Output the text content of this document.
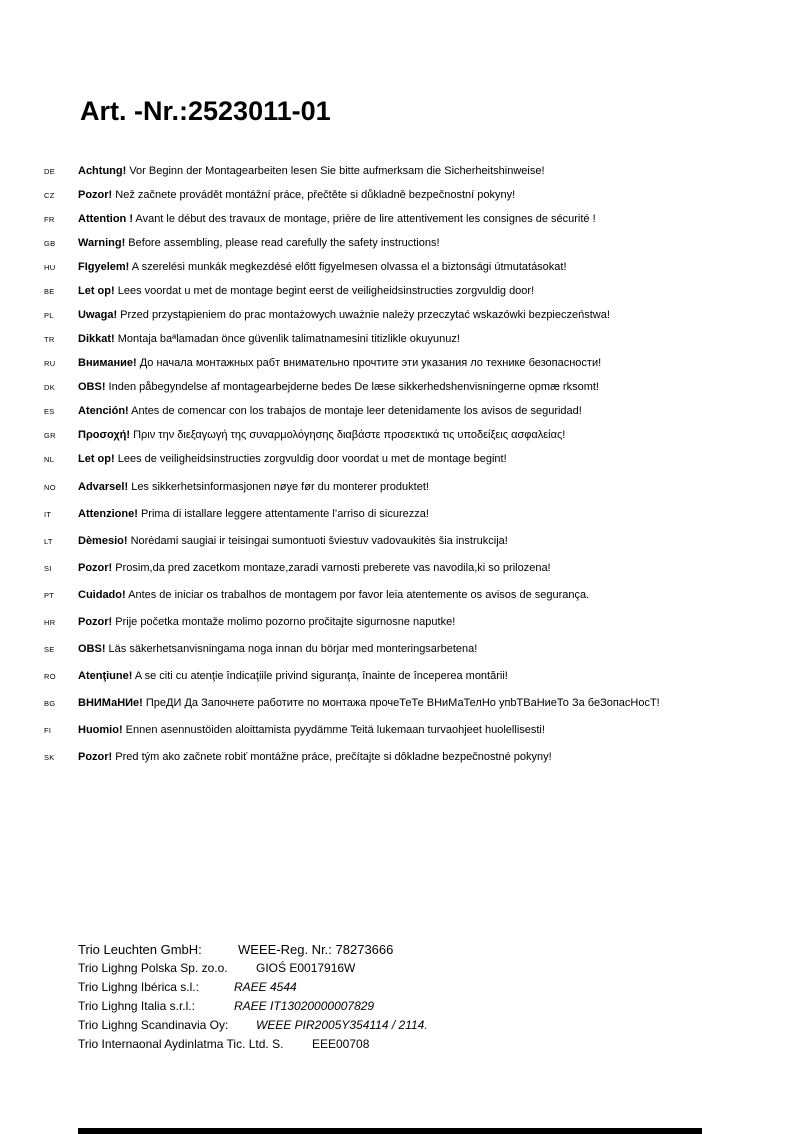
Art. -Nr.:2523011-01
DE	Achtung! Vor Beginn der Montagearbeiten lesen Sie bitte aufmerksam die Sicherheitshinweise!
CZ	Pozor! Než začnete provádět montážní práce, přečtěte si důkladně bezpečnostní pokyny!
FR	Attention ! Avant le début des travaux de montage, prière de lire attentivement les consignes de sécurité !
GB	Warning! Before assembling, please read carefully the safety instructions!
HU	FIgyelem! A szerelési munkák megkezdésé előtt figyelmesen olvassa el a biztonsági útmutatásokat!
BE	Let op! Lees voordat u met de montage begint eerst de veiligheidsinstructies zorgvuldig door!
PL	Uwaga! Przed przystąpieniem do prac montażowych uważnie należy przeczytać wskazówki bezpieczeństwa!
TR	Dikkat! Montaja baªlamadan önce güvenlik talimatnamesini titizlikle okuyunuz!
RU	Внимание! До начала монтажных рабт внимательно прочтите эти указания ло технике безопасности!
DK	OBS! Inden påbegyndelse af montagearbejderne bedes De læse sikkerhedshenvisningerne opmæ rksomt!
ES	Atención! Antes de comencar con los trabajos de montaje leer detenidamente los avisos de seguridad!
GR	Προσοχή! Πριν την διεξαγωγή της συναρμολόγησης διαβάστε προσεκτικά τις υποδείξεις ασφαλείας!
NL	Let op! Lees de veiligheidsinstructies zorgvuldig door voordat u met de montage begint!
NO	Advarsel! Les sikkerhetsinformasjonen nøye før du monterer produktet!
IT	Attenzione! Prima di istallare leggere attentamente l’arriso di sicurezza!
LT	Dèmesio! Norėdami saugiai ir teisingai sumontuoti šviestuv vadovaukitės šia instrukcija!
SI	Pozor! Prosim,da pred zacetkom montaze,zaradi varnosti preberete vas navodila,ki so prilozena!
PT	Cuidado! Antes de iniciar os trabalhos de montagem por favor leia atentemente os avisos de segurança.
HR	Pozor! Prije početka montaže molimo pozorno pročitajte sigurnosne naputke!
SE	OBS! Läs säkerhetsanvisningama noga innan du börjar med monteringsarbetena!
RO	Atenţiune! A se citi cu atenţie îndicaţiile privind siguranţa, înainte de începerea montării!
BG	ВНИМаНИе! ПреДИ Да Започнете работите по монтажа прочеТеТе ВНиМаТелНо упbТВаНиеТо За беЗопасНосТ!
FI	Huomio! Ennen asennustöiden aloittamista pyydämme Teitä lukemaan turvaohjeet huolellisesti!
SK	Pozor! Pred tým ako začnete robiť montážne práce, prečítajte si dôkladne bezpečnostné pokyny!
Trio Leuchten GmbH:	WEEE-Reg. Nr.: 78273666
Trio Lighng Polska Sp. zo.o.	GIOŚ E0017916W
Trio Lighng Ibérica s.l.:	RAEE 4544
Trio Lighng Italia s.r.l.:	RAEE IT13020000007829
Trio Lighng Scandinavia Oy:	WEEE PIR2005Y354114 / 2114.
Trio Internaonal Aydinlatma Tic. Ltd. S.	EEE00708
